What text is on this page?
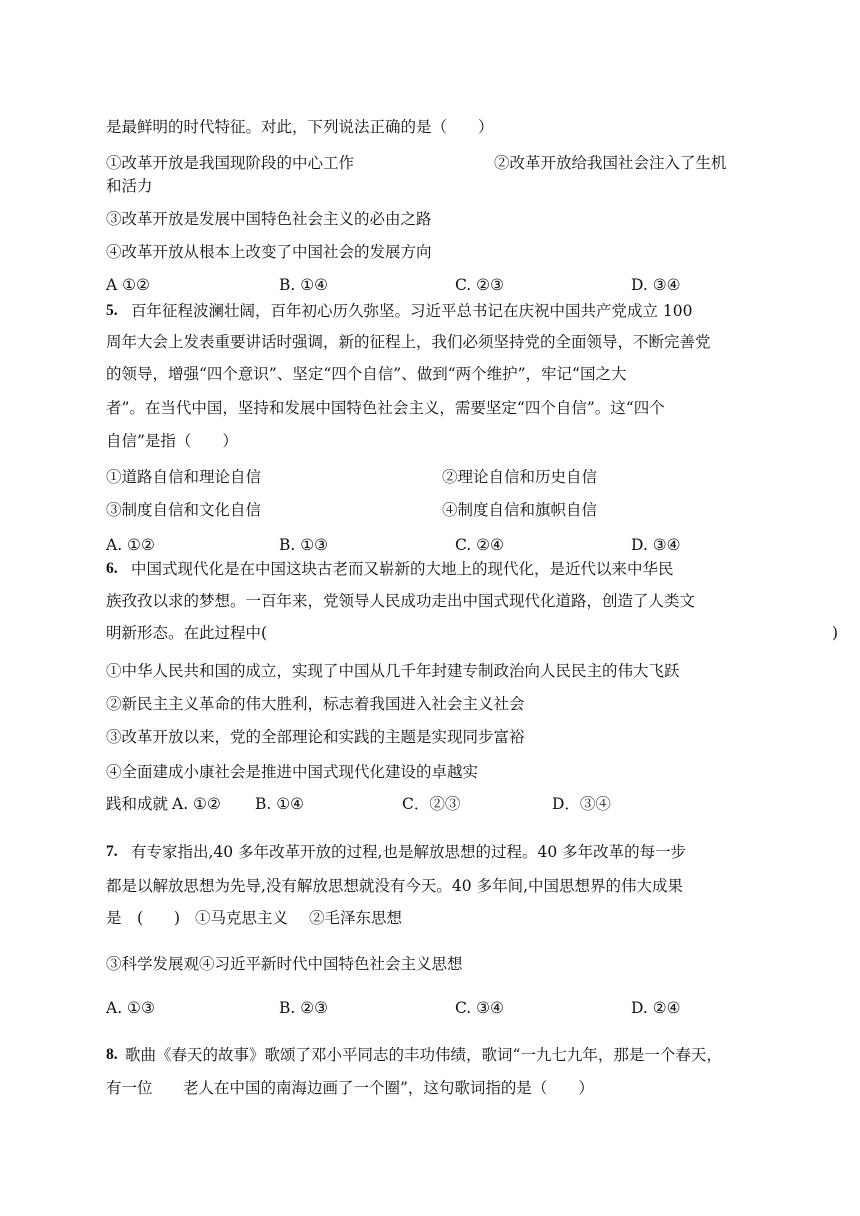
是最鲜明的时代特征。对此，下列说法正确的是（　　）
①改革开放是我国现阶段的中心工作	②改革开放给我国社会注入了生机
和活力
③改革开放是发展中国特色社会主义的必由之路
④改革开放从根本上改变了中国社会的发展方向
A ①②	B. ①④	C. ②③	D. ③④
5. 百年征程波澜壮阔，百年初心历久弥坚。习近平总书记在庆祝中国共产党成立 100
周年大会上发表重要讲话时强调，新的征程上，我们必须坚持党的全面领导，不断完善党
的领导，增强“四个意识”、坚定“四个自信”、做到“两个维护”，牢记“国之大
者”。在当代中国，坚持和发展中国特色社会主义，需要坚定“四个自信”。这“四个
自信”是指（　　）
①道路自信和理论自信	②理论自信和历史自信
③制度自信和文化自信	④制度自信和旗帜自信
A. ①②	B. ①③	C. ②④	D. ③④
6. 中国式现代化是在中国这块古老而又崭新的大地上的现代化，是近代以来中华民
族孜孜以求的梦想。一百年来，党领导人民成功走出中国式现代化道路，创造了人类文
明新形态。在此过程中(	)
①中华人民共和国的成立，实现了中国从几千年封建专制政治向人民民主的伟大飞跃
②新民主主义革命的伟大胜利，标志着我国进入社会主义社会
③改革开放以来，党的全部理论和实践的主题是实现同步富裕
④全面建成小康社会是推进中国式现代化建设的卓越实
践和成就 A. ①② B. ①④	C．②③	D．③④
7. 有专家指出,40 多年改革开放的过程,也是解放思想的过程。40 多年改革的每一步
都是以解放思想为先导,没有解放思想就没有今天。40 多年间,中国思想界的伟大成果
是　(　　) ①马克思主义 ②毛泽东思想
③科学发展观④习近平新时代中国特色社会主义思想
A. ①③	B. ②③	C. ③④	D. ②④
8. 歌曲《春天的故事》歌颂了邓小平同志的丰功伟绩，歌词“一九七九年，那是一个春天，
有一位 老人在中国的南海边画了一个圈”，这句歌词指的是（　　）
